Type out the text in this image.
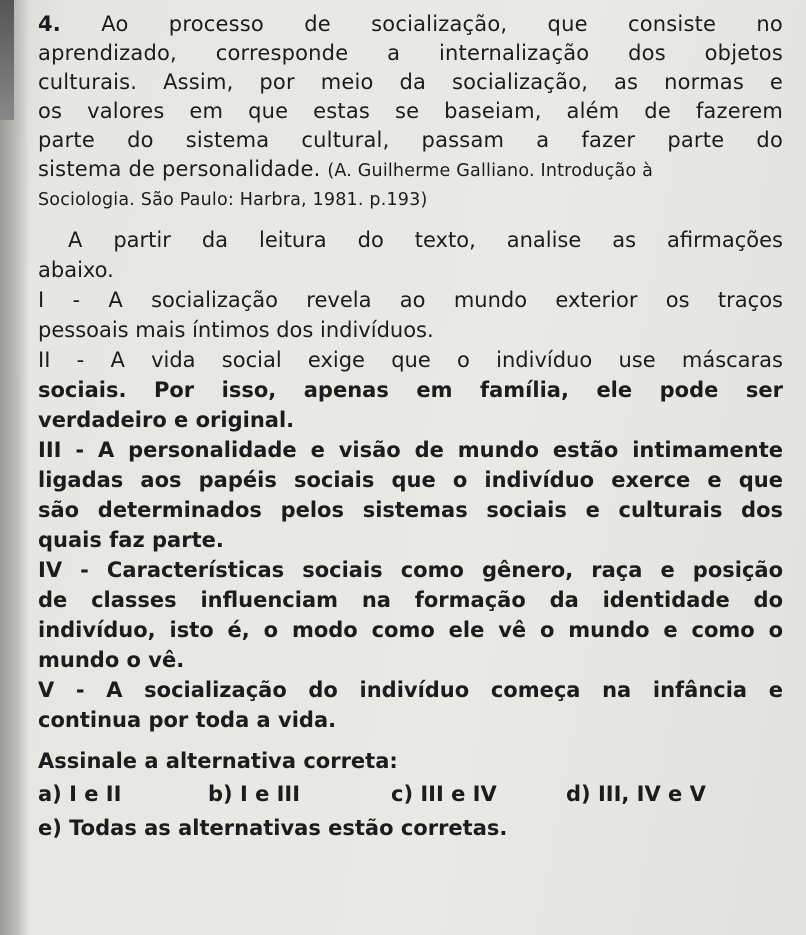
4. Ao processo de socialização, que consiste no

aprendizado, corresponde a internalização dos objetos

culturais. Assim, por meio da socialização, as normas e

os valores em que estas se baseiam, além de fazerem

parte do sistema cultural, passam a fazer parte do

sistema de personalidade. (A. Guilherme Galliano. Introdução à

Sociologia. São Paulo: Harbra, 1981. p.193)

A partir da leitura do texto, analise as afirmações

abaixo.

I - A socialização revela ao mundo exterior os traços

pessoais mais íntimos dos indivíduos.

II - A vida social exige que o indivíduo use máscaras

sociais. Por isso, apenas em família, ele pode ser

verdadeiro e original.

III - A personalidade e visão de mundo estão intimamente

ligadas aos papéis sociais que o indivíduo exerce e que

são determinados pelos sistemas sociais e culturais dos

quais faz parte.

IV - Características sociais como gênero, raça e posição

de classes influenciam na formação da identidade do

indivíduo, isto é, o modo como ele vê o mundo e como o

mundo o vê.

V - A socialização do indivíduo começa na infância e

continua por toda a vida.

Assinale a alternativa correta:

a) I e II	b) I e III	c) III e IV	d) III, IV e V

e) Todas as alternativas estão corretas.
